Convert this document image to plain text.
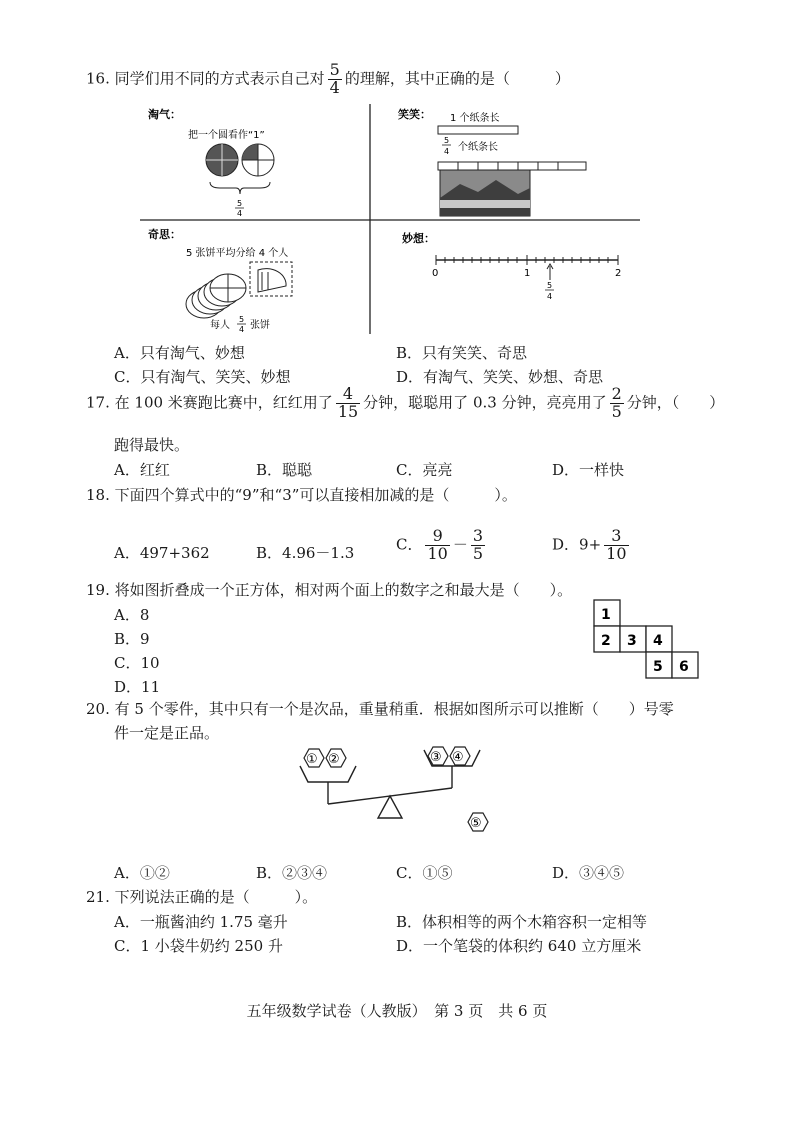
16. 同学们用不同的方式表示自己对 $\frac{5}{4}$ 的理解，其中正确的是（　　　）
淘气：
把一个圆看作“1”
5
4
笑笑： 1 个纸条长
5
4 个纸条长
奇思：
5 张饼平均分给 4 个人
每人
5
4 张饼
妙想：
0	1	2
5
4
A．只有淘气、妙想	B．只有笑笑、奇思
C．只有淘气、笑笑、妙想	D．有淘气、笑笑、妙想、奇思
17. 在 100 米赛跑比赛中，红红用了 $\frac{4}{15}$ 分钟，聪聪用了 0.3 分钟，亮亮用了 $\frac{2}{5}$ 分钟，（　　）
跑得最快。
A．红红	B．聪聪	C．亮亮	D．一样快
18. 下面四个算式中的“9”和“3”可以直接相加减的是（　　　）。
A．497+362	B．4.96－1.3	C． $\frac{9}{10} - \frac{3}{5}$	D．$9+ \frac{3}{10}$
19. 将如图折叠成一个正方体，相对两个面上的数字之和最大是（　　）。
A．8
B．9
C．10
D．11
1
2 3 4
5 6
20. 有 5 个零件，其中只有一个是次品，重量稍重．根据如图所示可以推断（　　）号零
件一定是正品。
① ②	③ ④
⑤
A．①②	B．②③④	C．①⑤	D．③④⑤
21. 下列说法正确的是（　　　）。
A．一瓶酱油约 1.75 毫升	B．体积相等的两个木箱容积一定相等
C．1 小袋牛奶约 250 升	D．一个笔袋的体积约 640 立方厘米
五年级数学试卷（人教版）　第 3 页　共 6 页
